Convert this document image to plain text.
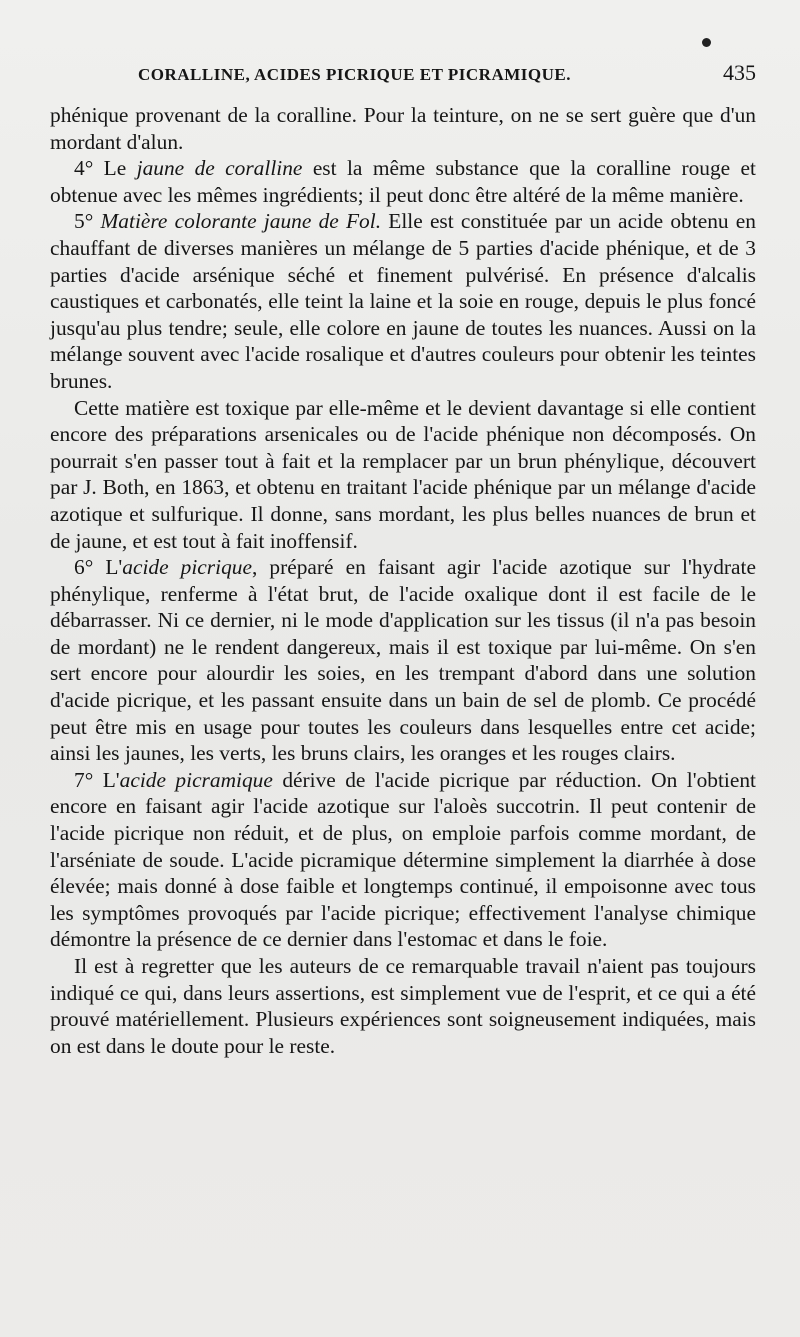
CORALLINE, ACIDES PICRIQUE ET PICRAMIQUE.	435

phénique provenant de la coralline. Pour la teinture, on ne se sert guère que d'un mordant d'alun.

4° Le jaune de coralline est la même substance que la coralline rouge et obtenue avec les mêmes ingrédients; il peut donc être altéré de la même manière.

5° Matière colorante jaune de Fol. Elle est constituée par un acide obtenu en chauffant de diverses manières un mélange de 5 parties d'acide phénique, et de 3 parties d'acide arsénique séché et finement pulvérisé. En présence d'alcalis caustiques et carbonatés, elle teint la laine et la soie en rouge, depuis le plus foncé jusqu'au plus tendre; seule, elle colore en jaune de toutes les nuances. Aussi on la mélange souvent avec l'acide rosalique et d'autres couleurs pour obtenir les teintes brunes.

Cette matière est toxique par elle-même et le devient davantage si elle contient encore des préparations arsenicales ou de l'acide phénique non décomposés. On pourrait s'en passer tout à fait et la remplacer par un brun phénylique, découvert par J. Both, en 1863, et obtenu en traitant l'acide phénique par un mélange d'acide azotique et sulfurique. Il donne, sans mordant, les plus belles nuances de brun et de jaune, et est tout à fait inoffensif.

6° L'acide picrique, préparé en faisant agir l'acide azotique sur l'hydrate phénylique, renferme à l'état brut, de l'acide oxalique dont il est facile de le débarrasser. Ni ce dernier, ni le mode d'application sur les tissus (il n'a pas besoin de mordant) ne le rendent dangereux, mais il est toxique par lui-même. On s'en sert encore pour alourdir les soies, en les trempant d'abord dans une solution d'acide picrique, et les passant ensuite dans un bain de sel de plomb. Ce procédé peut être mis en usage pour toutes les couleurs dans lesquelles entre cet acide; ainsi les jaunes, les verts, les bruns clairs, les oranges et les rouges clairs.

7° L'acide picramique dérive de l'acide picrique par réduction. On l'obtient encore en faisant agir l'acide azotique sur l'aloès succotrin. Il peut contenir de l'acide picrique non réduit, et de plus, on emploie parfois comme mordant, de l'arséniate de soude. L'acide picramique détermine simplement la diarrhée à dose élevée; mais donné à dose faible et longtemps continué, il empoisonne avec tous les symptômes provoqués par l'acide picrique; effectivement l'analyse chimique démontre la présence de ce dernier dans l'estomac et dans le foie.

Il est à regretter que les auteurs de ce remarquable travail n'aient pas toujours indiqué ce qui, dans leurs assertions, est simplement vue de l'esprit, et ce qui a été prouvé matériellement. Plusieurs expériences sont soigneusement indiquées, mais on est dans le doute pour le reste.
